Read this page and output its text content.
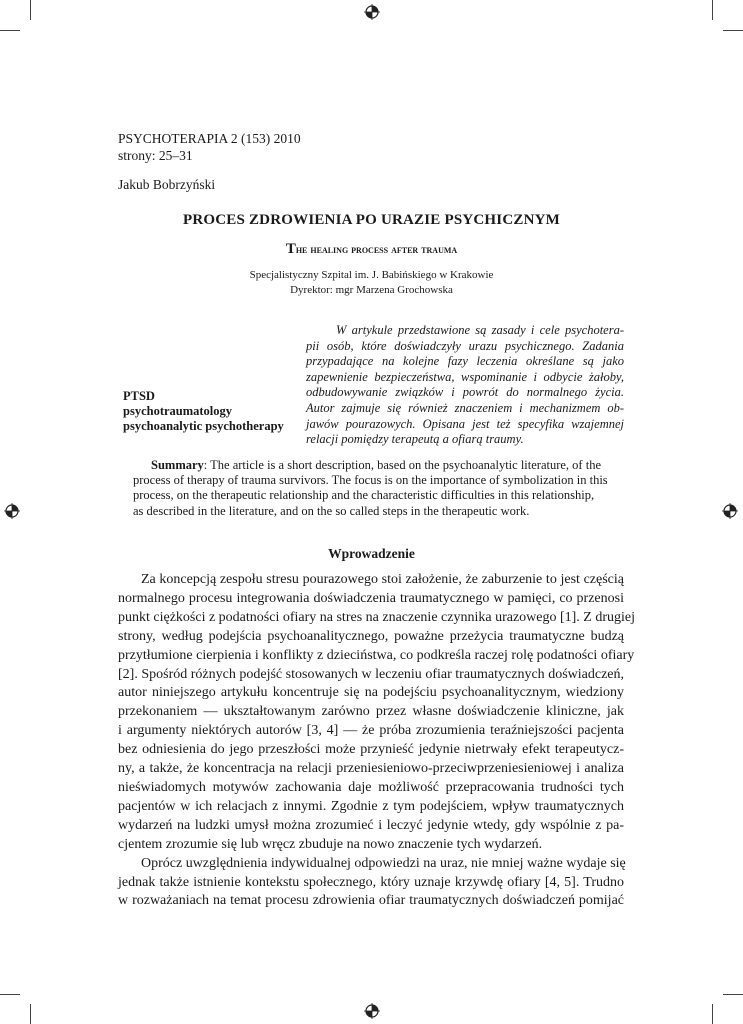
PSYCHOTERAPIA 2 (153) 2010
strony: 25–31
Jakub Bobrzyński
PROCES ZDROWIENIA PO URAZIE PSYCHICZNYM
The healing process after trauma
Specjalistyczny Szpital im. J. Babińskiego w Krakowie
Dyrektor: mgr Marzena Grochowska
W artykule przedstawione są zasady i cele psychotera-
pii osób, które doświadczyły urazu psychicznego. Zadania
przypadające na kolejne fazy leczenia określane są jako
zapewnienie bezpieczeństwa, wspominanie i odbycie żałoby,
odbudowywanie związków i powrót do normalnego życia.
Autor zajmuje się również znaczeniem i mechanizmem ob-
jawów pourazowych. Opisana jest też specyfika wzajemnej
relacji pomiędzy terapeutą a ofiarą traumy.
PTSD
psychotraumatology
psychoanalytic psychotherapy
Summary: The article is a short description, based on the psychoanalytic literature, of the
process of therapy of trauma survivors. The focus is on the importance of symbolization in this
process, on the therapeutic relationship and the characteristic difficulties in this relationship,
as described in the literature, and on the so called steps in the therapeutic work.
Wprowadzenie
Za koncepcją zespołu stresu pourazowego stoi założenie, że zaburzenie to jest częścią
normalnego procesu integrowania doświadczenia traumatycznego w pamięci, co przenosi
punkt ciężkości z podatności ofiary na stres na znaczenie czynnika urazowego [1]. Z drugiej
strony, według podejścia psychoanalitycznego, poważne przeżycia traumatyczne budzą
przytłumione cierpienia i konflikty z dzieciństwa, co podkreśla raczej rolę podatności ofiary
[2]. Spośród różnych podejść stosowanych w leczeniu ofiar traumatycznych doświadczeń,
autor niniejszego artykułu koncentruje się na podejściu psychoanalitycznym, wiedziony
przekonaniem — ukształtowanym zarówno przez własne doświadczenie kliniczne, jak
i argumenty niektórych autorów [3, 4] — że próba zrozumienia teraźniejszości pacjenta
bez odniesienia do jego przeszłości może przynieść jedynie nietrwały efekt terapeutycz-
ny, a także, że koncentracja na relacji przeniesieniowo-przeciwprzeniesieniowej i analiza
nieświadomych motywów zachowania daje możliwość przepracowania trudności tych
pacjentów w ich relacjach z innymi. Zgodnie z tym podejściem, wpływ traumatycznych
wydarzeń na ludzki umysł można zrozumieć i leczyć jedynie wtedy, gdy wspólnie z pa-
cjentem zrozumie się lub wręcz zbuduje na nowo znaczenie tych wydarzeń.
Oprócz uwzględnienia indywidualnej odpowiedzi na uraz, nie mniej ważne wydaje się
jednak także istnienie kontekstu społecznego, który uznaje krzywdę ofiary [4, 5]. Trudno
w rozważaniach na temat procesu zdrowienia ofiar traumatycznych doświadczeń pomijać
